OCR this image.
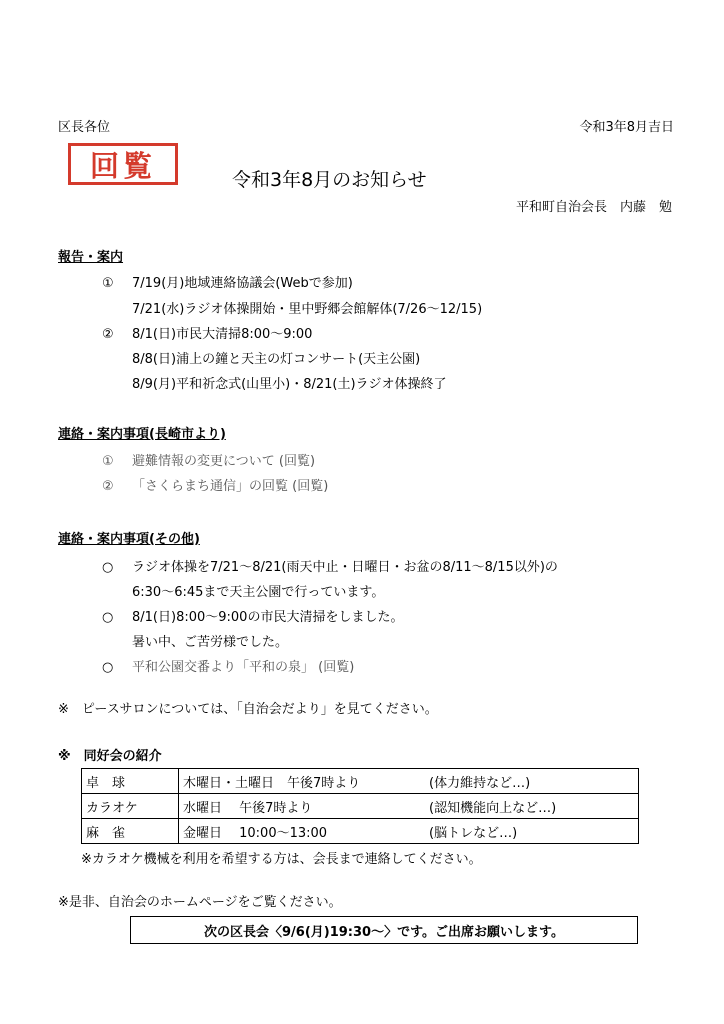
区長各位	令和3年8月吉日
回覧	令和3年8月のお知らせ
平和町自治会長　内藤　勉
報告・案内
① 7/19(月)地域連絡協議会(Webで参加)
7/21(水)ラジオ体操開始・里中野郷会館解体(7/26〜12/15)
② 8/1(日)市民大清掃8:00〜9:00
8/8(日)浦上の鐘と天主の灯コンサート(天主公園)
8/9(月)平和祈念式(山里小)・8/21(土)ラジオ体操終了
連絡・案内事項(長崎市より)
① 避難情報の変更について (回覧)
② 「さくらまち通信」の回覧 (回覧)
連絡・案内事項(その他)
○ ラジオ体操を7/21〜8/21(雨天中止・日曜日・お盆の8/11〜8/15以外)の
6:30〜6:45まで天主公園で行っています。
○ 8/1(日)8:00〜9:00の市民大清掃をしました。
暑い中、ご苦労様でした。
○ 平和公園交番より「平和の泉」 (回覧)
※　ピースサロンについては、「自治会だより」を見てください。
※　同好会の紹介
卓　球	木曜日・土曜日　午後7時より	(体力維持など…)
カラオケ	水曜日　 午後7時より	(認知機能向上など…)
麻　雀	金曜日　 10:00〜13:00	(脳トレなど…)
※カラオケ機械を利用を希望する方は、会長まで連絡してください。
※是非、自治会のホームページをご覧ください。
次の区長会〈9/6(月)19:30〜〉です。ご出席お願いします。
